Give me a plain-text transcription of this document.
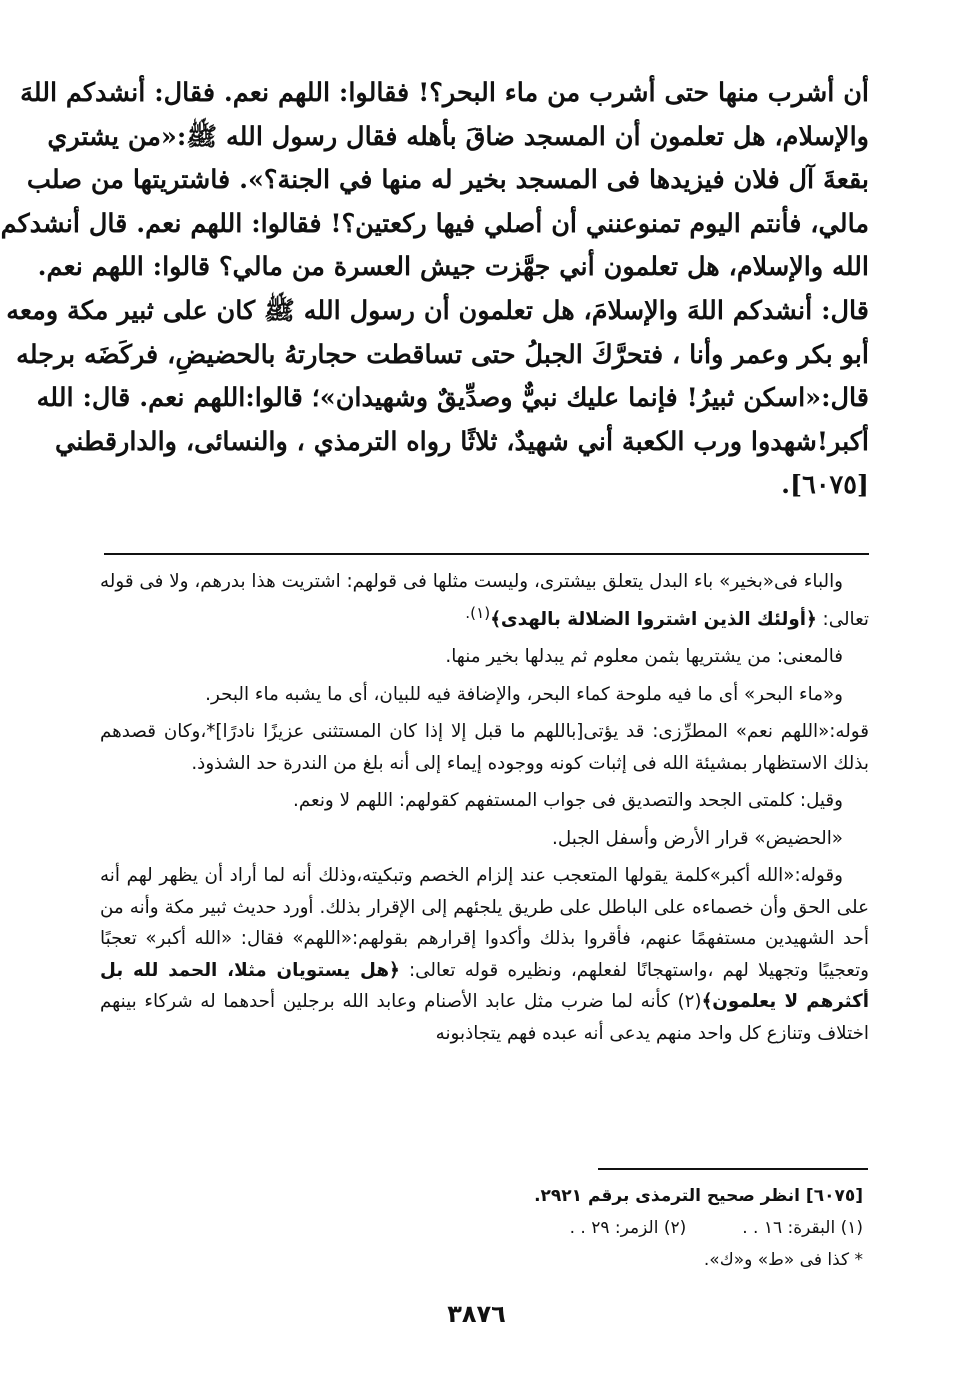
أن أشرب منها حتى أشرب من ماء البحر؟! فقالوا: اللهم نعم. فقال: أنشدكم اللهَ
والإسلام، هل تعلمون أن المسجد ضاقَ بأهله فقال رسول الله ﷺ:«من يشتري
بقعةَ آل فلان فيزيدها فى المسجد بخير له منها في الجنة؟». فاشتريتها من صلب
مالي، فأنتم اليوم تمنوعنني أن أصلي فيها ركعتين؟! فقالوا: اللهم نعم. قال أنشدكم
الله والإسلام، هل تعلمون أني جهَّزت جيش العسرة من مالي؟ قالوا: اللهم نعم.
قال: أنشدكم اللهَ والإسلامَ، هل تعلمون أن رسول الله ﷺ كان على ثبير مكة ومعه
أبو بكر وعمر وأنا ، فتحرَّكَ الجبلُ حتى تساقطت حجارتهُ بالحضيضِ، فركَضَه برجله
قال:«اسكن ثبيرُ! فإنما عليك نبيٌّ وصدِّيقٌ وشهيدان»؛ قالوا:اللهم نعم. قال: الله
أكبر!شهدوا ورب الكعبة أني شهيدٌ، ثلاثًا رواه الترمذي ، والنسائى، والدارقطني
[٦٠٧٥].

والباء فى«بخير» باء البدل يتعلق بيشترى، وليست مثلها فى قولهم: اشتريت هذا بدرهم، ولا فى قوله تعالى: ﴿أولئك الذين اشتروا الضلالة بالهدى﴾$^{(١).}$

فالمعنى: من يشتريها بثمن معلوم ثم يبدلها بخير منها.

و«ماء البحر» أى ما فيه ملوحة كماء البحر، والإضافة فيه للبيان، أى ما يشبه ماء البحر.

قوله:«اللهم نعم» المطرِّزى: قد يؤتى[باللهم ما قبل إلا إذا كان المستثنى عزيزًا نادرًا]*،وكان قصدهم بذلك الاستظهار بمشيئة الله فى إثبات كونه ووجوده إيماء إلى أنه بلغ من الندرة حد الشذوذ.

وقيل: كلمتى الجحد والتصديق فى جواب المستفهم كقولهم: اللهم لا ونعم.

«الحضيض» قرار الأرض وأسفل الجبل.

وقوله:«الله أكبر»كلمة يقولها المتعجب عند إلزام الخصم وتبكيته،وذلك أنه لما أراد أن يظهر لهم أنه على الحق وأن خصماءه على الباطل على طريق يلجئهم إلى الإقرار بذلك. أورد حديث ثبير مكة وأنه من أحد الشهيدين مستفهمًا عنهم، فأقروا بذلك وأكدوا إقرارهم بقولهم:«اللهم» فقال: «الله أكبر» تعجبًا وتعجيبًا وتجهيلا لهم ،واستهجانًا لفعلهم، ونظيره قوله تعالى: ﴿هل يستويان مثلا، الحمد لله بل أكثرهم لا يعلمون﴾(٢) كأنه لما ضرب مثل عابد الأصنام وعابد الله برجلين أحدهما له شركاء بينهم اختلاف وتنازع كل واحد منهم يدعى أنه عبده فهم يتجاذبونه

[٦٠٧٥] انظر صحيح الترمذى برقم ٢٩٢١.
(١) البقرة: ١٦ . .
(٢) الزمر: ٢٩ . .
* كذا فى «ط» و«ك».
٣٨٧٦
